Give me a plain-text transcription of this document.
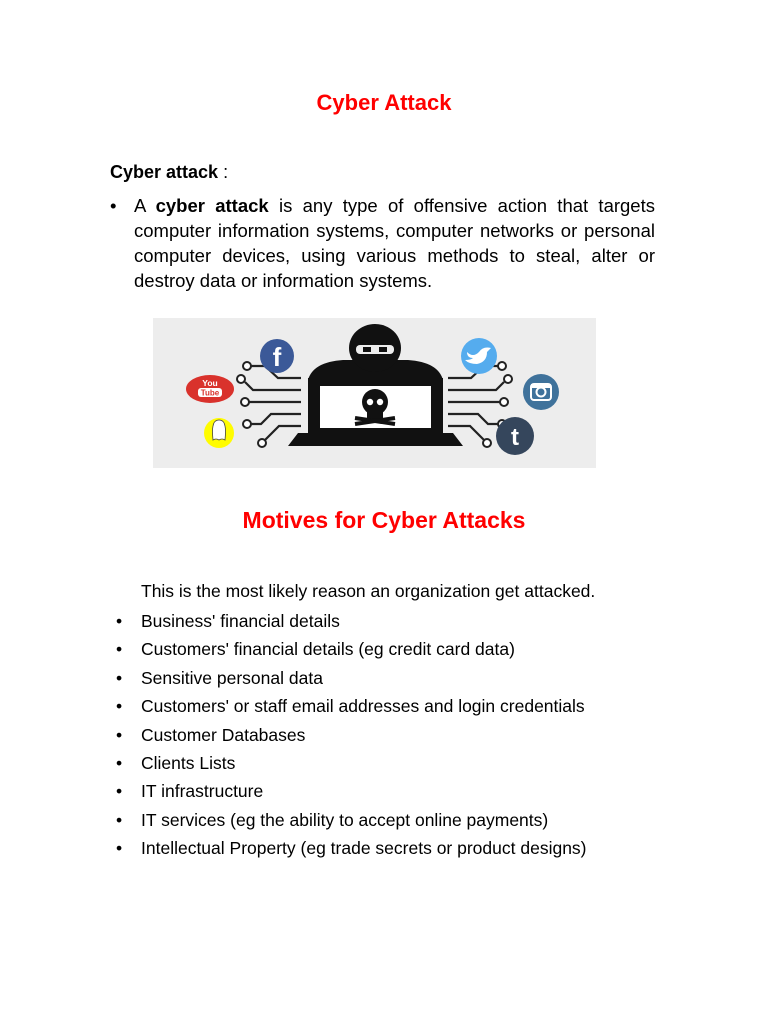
Cyber Attack
Cyber attack :
• A cyber attack is any type of offensive action that targets computer information systems, computer networks or personal computer devices, using various methods to steal, alter or destroy data or information systems.
f
You
Tube
t
Motives for Cyber Attacks
This is the most likely reason an organization get attacked.
• Business' financial details
• Customers' financial details (eg credit card data)
• Sensitive personal data
• Customers' or staff email addresses and login credentials
• Customer Databases
• Clients Lists
• IT infrastructure
• IT services (eg the ability to accept online payments)
• Intellectual Property (eg trade secrets or product designs)
